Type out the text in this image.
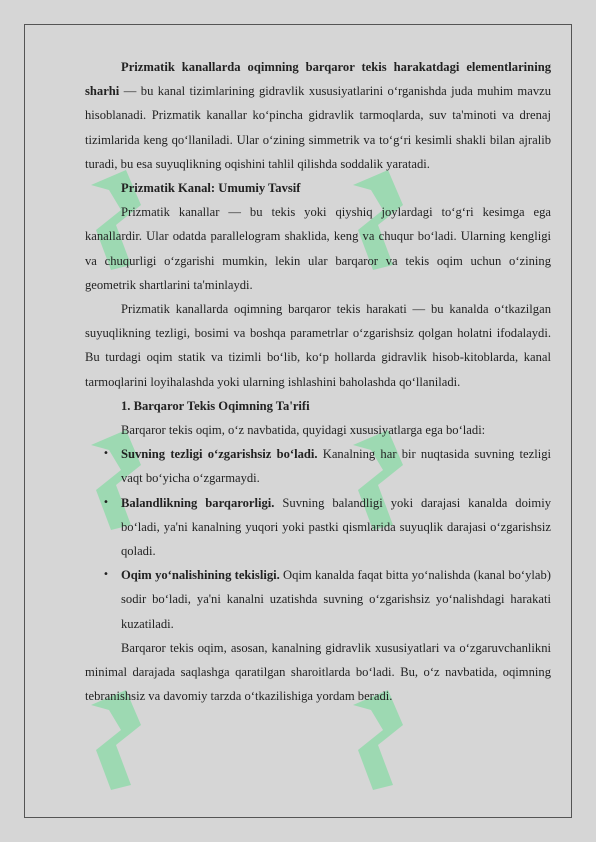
Prizmatik kanallarda oqimning barqaror tekis harakatdagi elementlarining sharhi — bu kanal tizimlarining gidravlik xususiyatlarini o‘rganishda juda muhim mavzu hisoblanadi. Prizmatik kanallar ko‘pincha gidravlik tarmoqlarda, suv ta'minoti va drenaj tizimlarida keng qo‘llaniladi. Ular o‘zining simmetrik va to‘g‘ri kesimli shakli bilan ajralib turadi, bu esa suyuqlikning oqishini tahlil qilishda soddalik yaratadi.

Prizmatik Kanal: Umumiy Tavsif

Prizmatik kanallar — bu tekis yoki qiyshiq joylardagi to‘g‘ri kesimga ega kanallardir. Ular odatda parallelogram shaklida, keng va chuqur bo‘ladi. Ularning kengligi va chuqurligi o‘zgarishi mumkin, lekin ular barqaror va tekis oqim uchun o‘zining geometrik shartlarini ta'minlaydi.

Prizmatik kanallarda oqimning barqaror tekis harakati — bu kanalda o‘tkazilgan suyuqlikning tezligi, bosimi va boshqa parametrlar o‘zgarishsiz qolgan holatni ifodalaydi. Bu turdagi oqim statik va tizimli bo‘lib, ko‘p hollarda gidravlik hisob-kitoblarda, kanal tarmoqlarini loyihalashda yoki ularning ishlashini baholashda qo‘llaniladi.

1. Barqaror Tekis Oqimning Ta'rifi

Barqaror tekis oqim, o‘z navbatida, quyidagi xususiyatlarga ega bo‘ladi:

• Suvning tezligi o‘zgarishsiz bo‘ladi. Kanalning har bir nuqtasida suvning tezligi vaqt bo‘yicha o‘zgarmaydi.
• Balandlikning barqarorligi. Suvning balandligi yoki darajasi kanalda doimiy bo‘ladi, ya'ni kanalning yuqori yoki pastki qismlarida suyuqlik darajasi o‘zgarishsiz qoladi.
• Oqim yo‘nalishining tekisligi. Oqim kanalda faqat bitta yo‘nalishda (kanal bo‘ylab) sodir bo‘ladi, ya'ni kanalni uzatishda suvning o‘zgarishsiz yo‘nalishdagi harakati kuzatiladi.

Barqaror tekis oqim, asosan, kanalning gidravlik xususiyatlari va o‘zgaruvchanlikni minimal darajada saqlashga qaratilgan sharoitlarda bo‘ladi. Bu, o‘z navbatida, oqimning tebranishsiz va davomiy tarzda o‘tkazilishiga yordam beradi.
